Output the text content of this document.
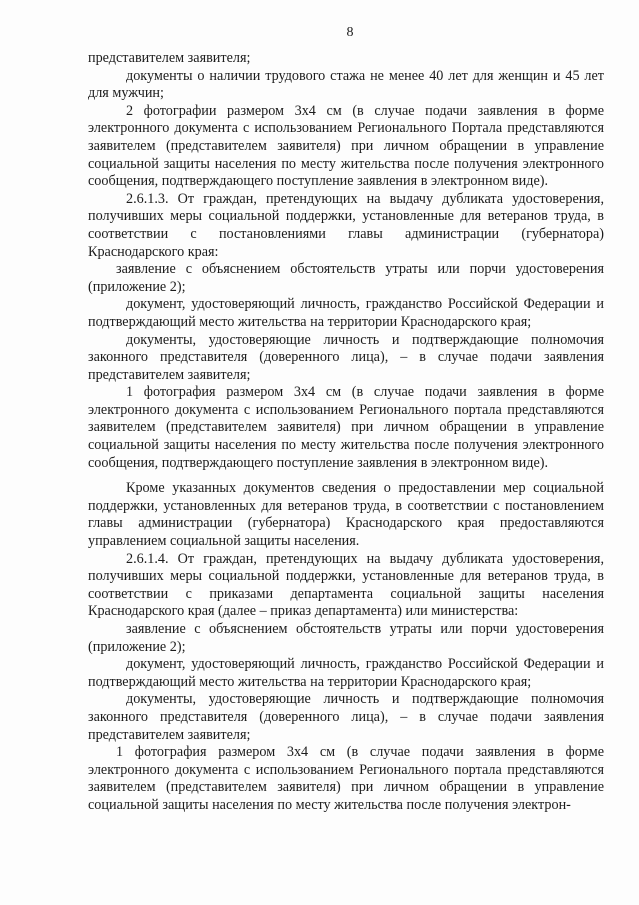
8

представителем заявителя;

документы о наличии трудового стажа не менее 40 лет для женщин и 45 лет для мужчин;

2 фотографии размером 3х4 см (в случае подачи заявления в форме электронного документа с использованием Регионального Портала представляются заявителем (представителем заявителя) при личном обращении в управление социальной защиты населения по месту жительства после получения электронного сообщения, подтверждающего поступление заявления в электронном виде).

2.6.1.3. От граждан, претендующих на выдачу дубликата удостоверения, получивших меры социальной поддержки, установленные для ветеранов труда, в соответствии с постановлениями главы администрации (губернатора) Краснодарского края:

заявление с объяснением обстоятельств утраты или порчи удостоверения (приложение 2);

документ, удостоверяющий личность, гражданство Российской Федерации и подтверждающий место жительства на территории Краснодарского края;

документы, удостоверяющие личность и подтверждающие полномочия законного представителя (доверенного лица), – в случае подачи заявления представителем заявителя;

1 фотография размером 3х4 см (в случае подачи заявления в форме электронного документа с использованием Регионального портала представляются заявителем (представителем заявителя) при личном обращении в управление социальной защиты населения по месту жительства после получения электронного сообщения, подтверждающего поступление заявления в электронном виде).

Кроме указанных документов сведения о предоставлении мер социальной поддержки, установленных для ветеранов труда, в соответствии с постановлением главы администрации (губернатора) Краснодарского края предоставляются управлением социальной защиты населения.

2.6.1.4. От граждан, претендующих на выдачу дубликата удостоверения, получивших меры социальной поддержки, установленные для ветеранов труда, в соответствии с приказами департамента социальной защиты населения Краснодарского края (далее – приказ департамента) или министерства:

заявление с объяснением обстоятельств утраты или порчи удостоверения (приложение 2);

документ, удостоверяющий личность, гражданство Российской Федерации и подтверждающий место жительства на территории Краснодарского края;

документы, удостоверяющие личность и подтверждающие полномочия законного представителя (доверенного лица), – в случае подачи заявления представителем заявителя;

1 фотография размером 3х4 см (в случае подачи заявления в форме электронного документа с использованием Регионального портала представляются заявителем (представителем заявителя) при личном обращении в управление социальной защиты населения по месту жительства после получения электрон-
